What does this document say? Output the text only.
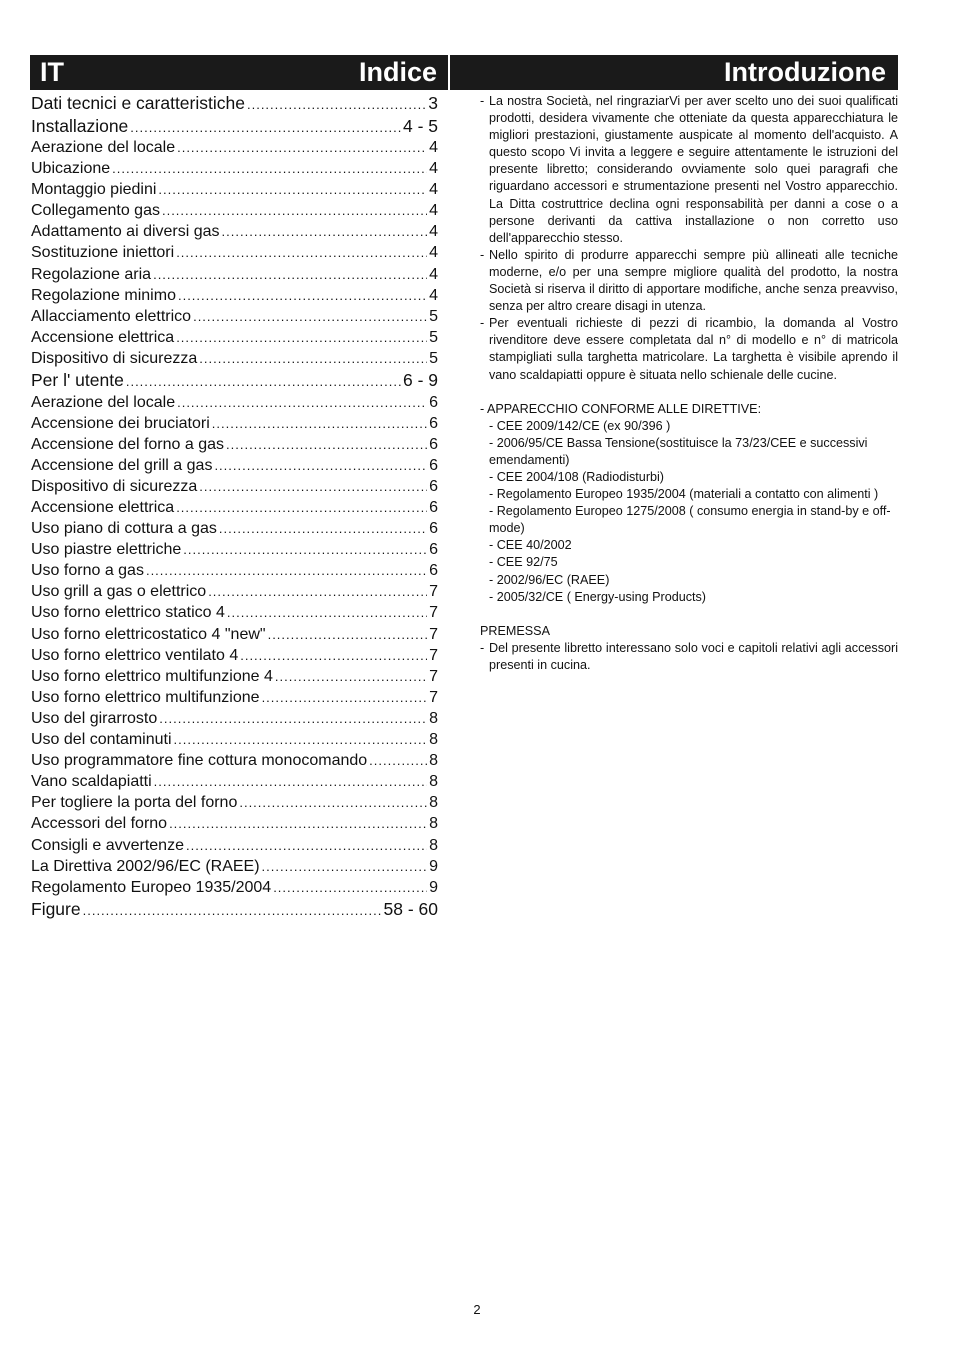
IT	Indice	Introduzione
Dati tecnici e caratteristiche .....	3
Installazione .....	4 - 5
Aerazione del locale .....	4
Ubicazione .....	4
Montaggio piedini .....	4
Collegamento gas .....	4
Adattamento ai diversi gas .....	4
Sostituzione iniettori .....	4
Regolazione aria .....	4
Regolazione minimo .....	4
Allacciamento elettrico .....	5
Accensione elettrica .....	5
Dispositivo di sicurezza .....	5
Per l' utente .....	6 - 9
Aerazione del locale .....	6
Accensione dei bruciatori .....	6
Accensione del forno a gas .....	6
Accensione del grill a gas .....	6
Dispositivo di sicurezza .....	6
Accensione elettrica .....	6
Uso piano di cottura a gas .....	6
Uso piastre elettriche .....	6
Uso forno a gas .....	6
Uso grill a gas o elettrico .....	7
Uso forno elettrico statico 4 .....	7
Uso forno elettricostatico 4 "new" .....	7
Uso forno elettrico ventilato 4 .....	7
Uso forno elettrico multifunzione 4 .....	7
Uso forno elettrico multifunzione .....	7
Uso del girarrosto .....	8
Uso del contaminuti .....	8
Uso programmatore fine cottura monocomando .....	8
Vano scaldapiatti .....	8
Per togliere la porta del forno .....	8
Accessori del forno .....	8
Consigli e avvertenze .....	8
La Direttiva 2002/96/EC (RAEE) .....	9
Regolamento Europeo 1935/2004 .....	9
Figure .....	58 - 60

- La nostra Società, nel ringraziarVi per aver scelto uno dei suoi qualificati prodotti, desidera vivamente che otteniate da questa apparecchiatura le migliori prestazioni, giustamente auspicate al momento dell'acquisto. A questo scopo Vi invita a leggere e seguire attentamente le istruzioni del presente libretto; considerando ovviamente solo quei paragrafi che riguardano accessori e strumentazione presenti nel Vostro apparecchio. La Ditta costruttrice declina ogni responsabilità per danni a cose o a persone derivanti da cattiva installazione o non corretto uso dell'apparecchio stesso.

- Nello spirito di produrre apparecchi sempre più allineati alle tecniche moderne, e/o per una sempre migliore qualità del prodotto, la nostra Società si riserva il diritto di apportare modifiche, anche senza preavviso, senza per altro creare disagi in utenza.

- Per eventuali richieste di pezzi di ricambio, la domanda al Vostro rivenditore deve essere completata dal n° di modello e n° di matricola stampigliati sulla targhetta matricolare. La targhetta è visibile aprendo il vano scaldapiatti oppure è situata nello schienale delle cucine.

- APPARECCHIO CONFORME ALLE DIRETTIVE:

- CEE 2009/142/CE (ex 90/396 )

- 2006/95/CE Bassa Tensione(sostituisce la 73/23/CEE e successivi emendamenti)

- CEE 2004/108 (Radiodisturbi)

- Regolamento Europeo 1935/2004 (materiali a contatto con alimenti )

- Regolamento Europeo 1275/2008 ( consumo energia in stand-by e off-mode)

- CEE 40/2002

- CEE 92/75

- 2002/96/EC (RAEE)

- 2005/32/CE ( Energy-using Products)

PREMESSA

- Del presente libretto interessano solo voci e capitoli relativi agli accessori presenti in cucina.

2
